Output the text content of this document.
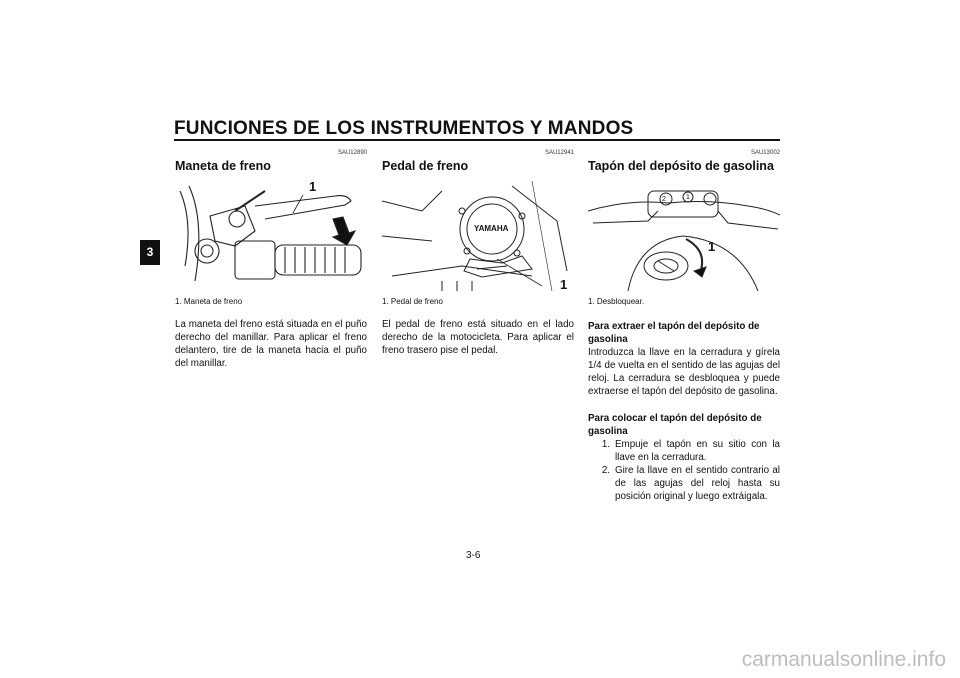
FUNCIONES DE LOS INSTRUMENTOS Y MANDOS
3
SAU12890
Maneta de freno
1
1. Maneta de freno
La maneta del freno está situada en el puño derecho del manillar. Para aplicar el freno delantero, tire de la maneta hacia el puño del manillar.
SAU12941
Pedal de freno
YAMAHA
1
1. Pedal de freno
El pedal de freno está situado en el lado derecho de la motocicleta. Para aplicar el freno trasero pise el pedal.
SAU13002
Tapón del depósito de gasolina
1
2
1
1. Desbloquear.
Para extraer el tapón del depósito de gasolina
Introduzca la llave en la cerradura y gírela 1/4 de vuelta en el sentido de las agujas del reloj. La cerradura se desbloquea y puede extraerse el tapón del depósito de gasolina.
Para colocar el tapón del depósito de gasolina
1. Empuje el tapón en su sitio con la llave en la cerradura.
2. Gire la llave en el sentido contrario al de las agujas del reloj hasta su posición original y luego extráigala.
3-6
carmanualsonline.info
